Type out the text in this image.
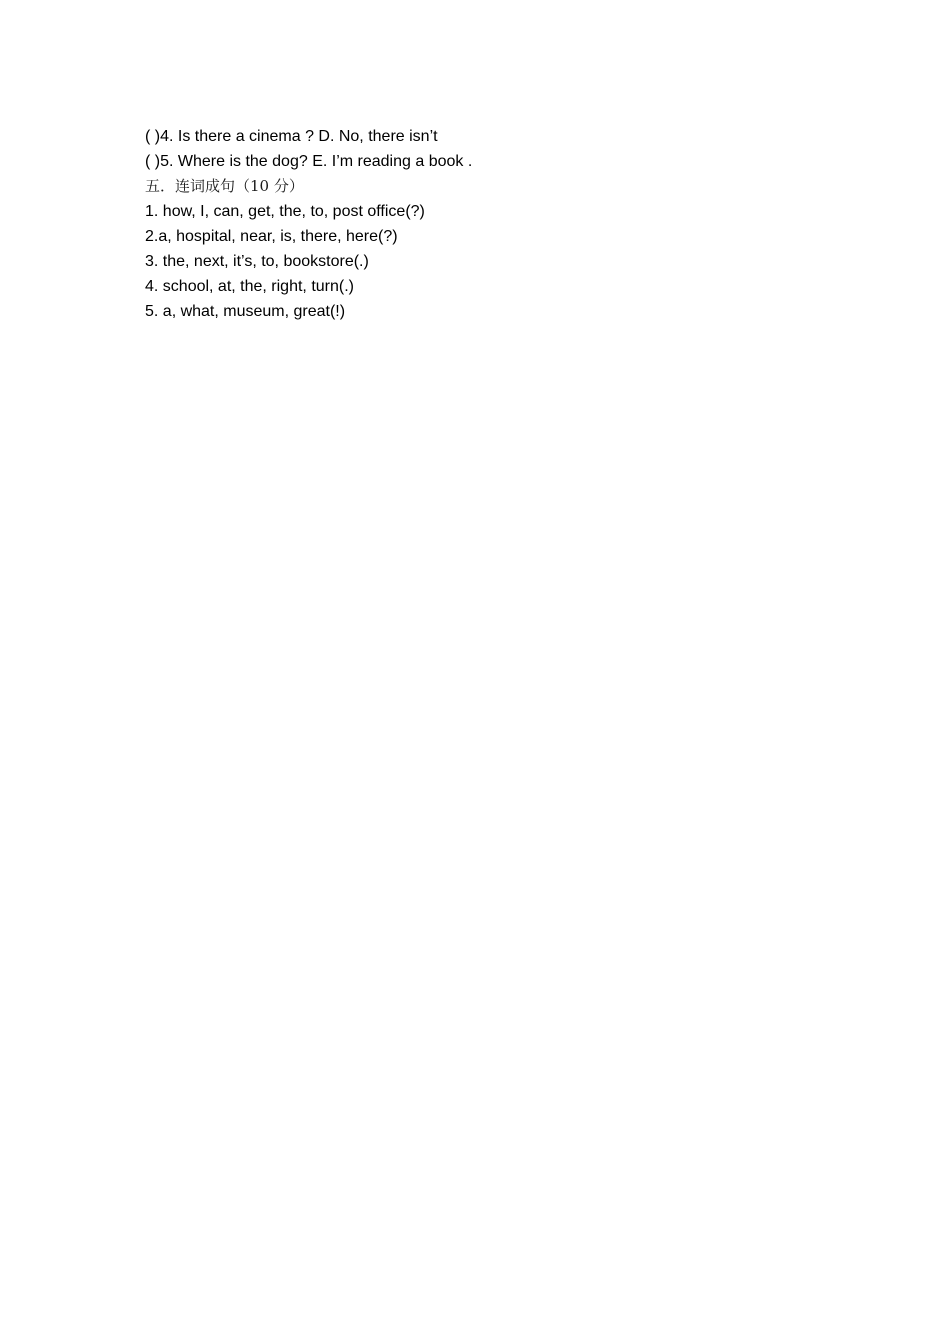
( )4. Is there a cinema ? D. No, there isn’t
( )5. Where is the dog? E. I’m reading a book .
五．连词成句（10 分）
1. how, I, can, get, the, to, post office(?)
2.a, hospital, near, is, there, here(?)
3. the, next, it’s, to, bookstore(.)
4. school, at, the, right, turn(.)
5. a, what, museum, great(!)
